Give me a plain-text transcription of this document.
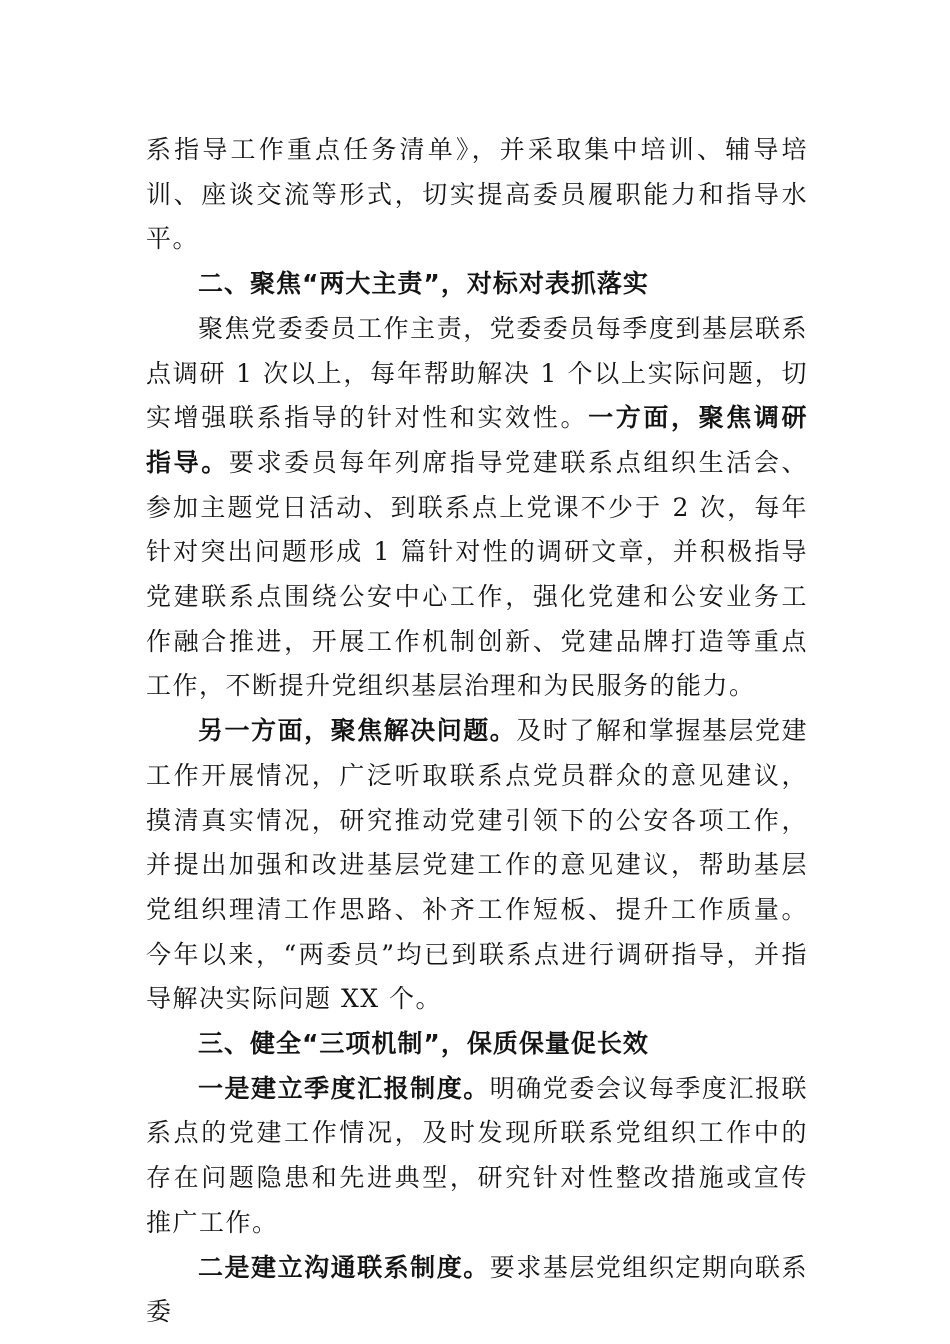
系指导工作重点任务清单》，并采取集中培训、辅导培训、座谈交流等形式，切实提高委员履职能力和指导水平。

二、聚焦“两大主责”，对标对表抓落实

聚焦党委委员工作主责，党委委员每季度到基层联系点调研 1 次以上，每年帮助解决 1 个以上实际问题，切实增强联系指导的针对性和实效性。一方面，聚焦调研指导。要求委员每年列席指导党建联系点组织生活会、参加主题党日活动、到联系点上党课不少于 2 次，每年针对突出问题形成 1 篇针对性的调研文章，并积极指导党建联系点围绕公安中心工作，强化党建和公安业务工作融合推进，开展工作机制创新、党建品牌打造等重点工作，不断提升党组织基层治理和为民服务的能力。

另一方面，聚焦解决问题。及时了解和掌握基层党建工作开展情况，广泛听取联系点党员群众的意见建议，摸清真实情况，研究推动党建引领下的公安各项工作，并提出加强和改进基层党建工作的意见建议，帮助基层党组织理清工作思路、补齐工作短板、提升工作质量。今年以来，“两委员”均已到联系点进行调研指导，并指导解决实际问题 XX 个。

三、健全“三项机制”，保质保量促长效

一是建立季度汇报制度。明确党委会议每季度汇报联系点的党建工作情况，及时发现所联系党组织工作中的存在问题隐患和先进典型，研究针对性整改措施或宣传推广工作。

二是建立沟通联系制度。要求基层党组织定期向联系委
